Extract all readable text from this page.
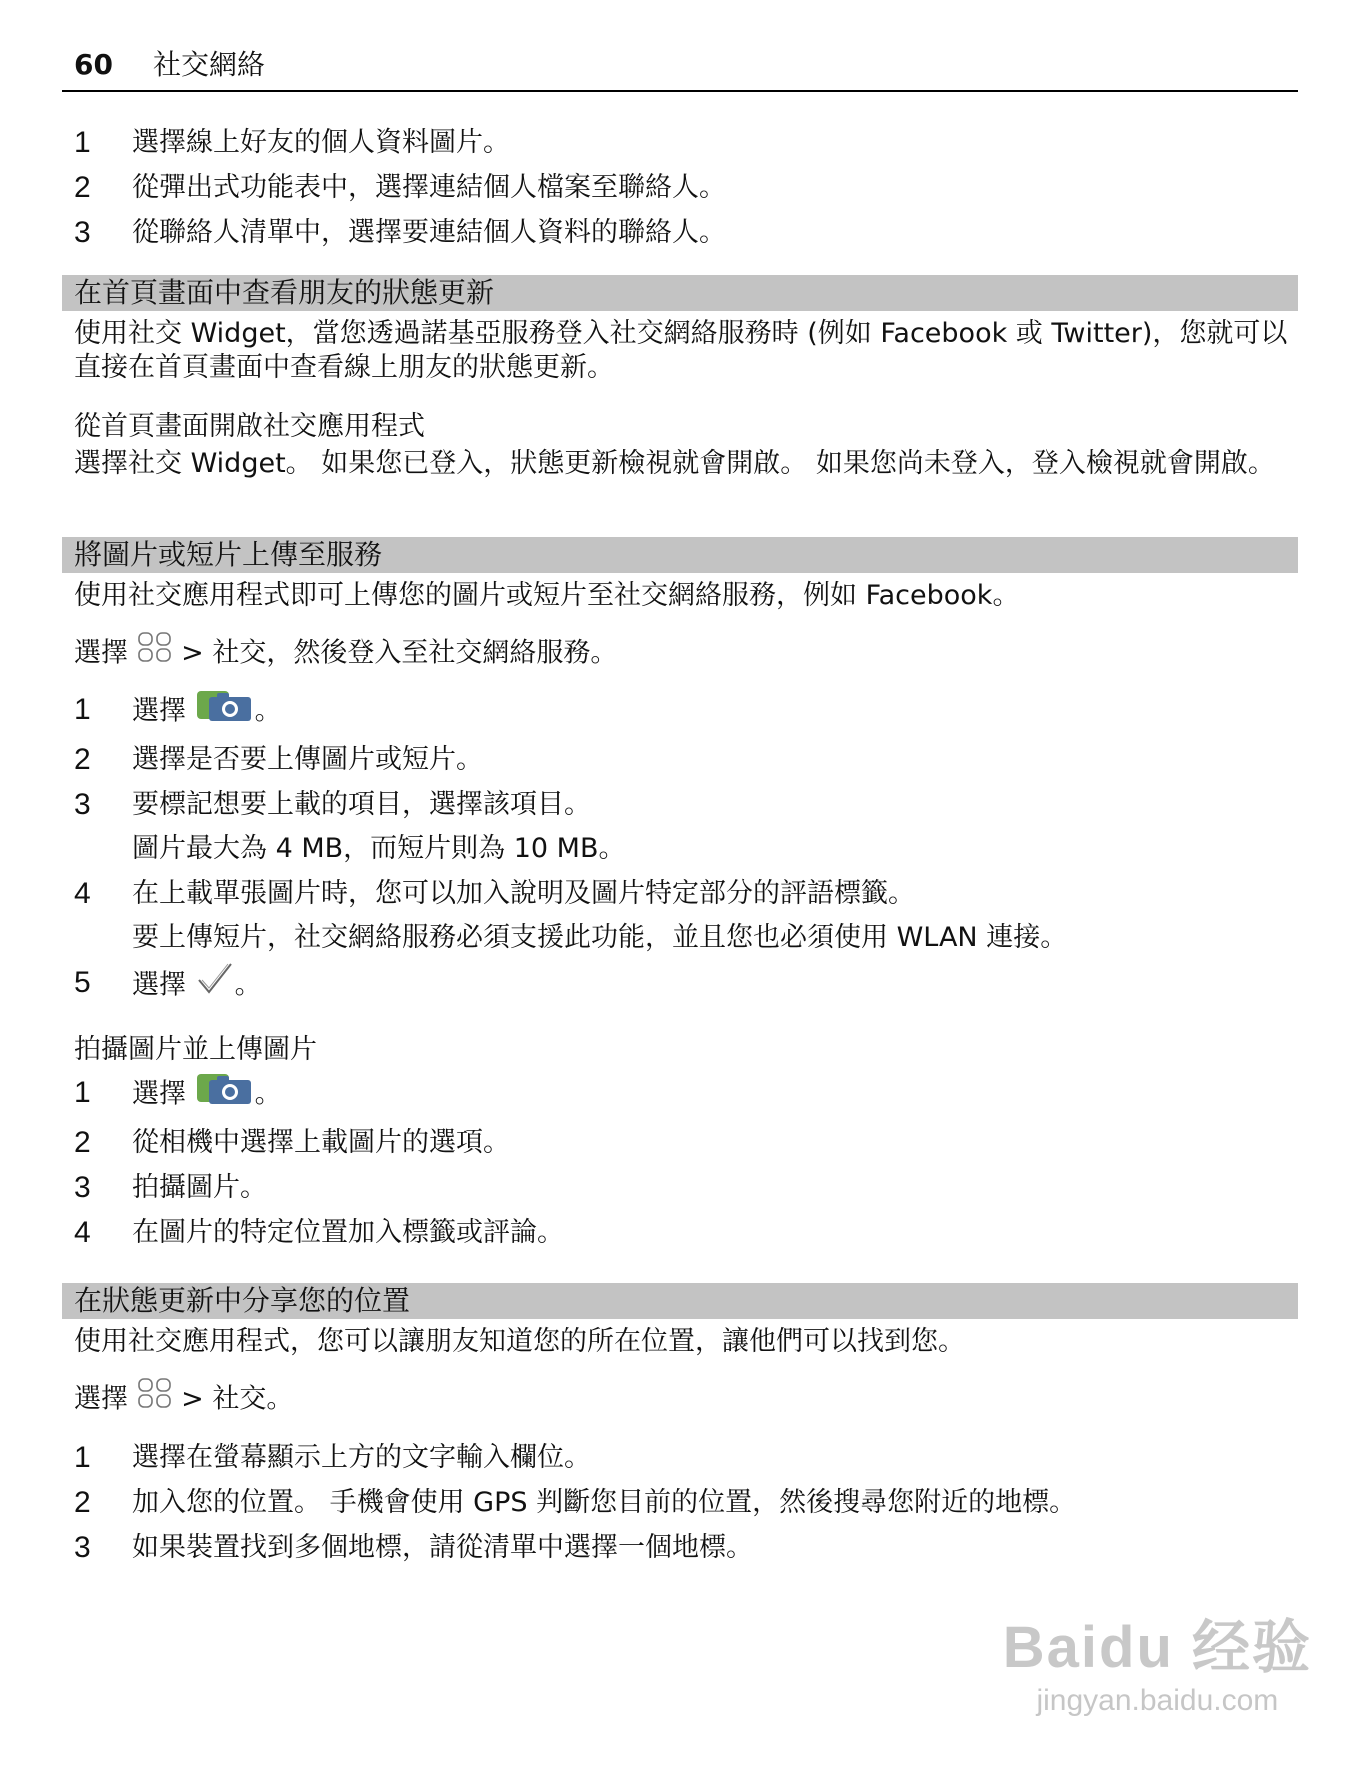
60 社交網絡
1 選擇線上好友的個人資料圖片。
2 從彈出式功能表中，選擇連結個人檔案至聯絡人。
3 從聯絡人清單中，選擇要連結個人資料的聯絡人。
在首頁畫面中查看朋友的狀態更新

使用社交 Widget，當您透過諾基亞服務登入社交網絡服務時 (例如 Facebook 或 Twitter)，您就可以直接在首頁畫面中查看線上朋友的狀態更新。

從首頁畫面開啟社交應用程式

選擇社交 Widget。 如果您已登入，狀態更新檢視就會開啟。 如果您尚未登入，登入檢視就會開啟。

將圖片或短片上傳至服務

使用社交應用程式即可上傳您的圖片或短片至社交網絡服務，例如 Facebook。

選擇  > 社交，然後登入至社交網絡服務。

1 選擇 。
2 選擇是否要上傳圖片或短片。
3 要標記想要上載的項目，選擇該項目。
圖片最大為 4 MB，而短片則為 10 MB。
4 在上載單張圖片時，您可以加入說明及圖片特定部分的評語標籤。
要上傳短片，社交網絡服務必須支援此功能，並且您也必須使用 WLAN 連接。
5 選擇 。
拍攝圖片並上傳圖片
1 選擇 。
2 從相機中選擇上載圖片的選項。
3 拍攝圖片。
4 在圖片的特定位置加入標籤或評論。
在狀態更新中分享您的位置

使用社交應用程式，您可以讓朋友知道您的所在位置，讓他們可以找到您。

選擇  > 社交。

1 選擇在螢幕顯示上方的文字輸入欄位。
2 加入您的位置。 手機會使用 GPS 判斷您目前的位置，然後搜尋您附近的地標。
3 如果裝置找到多個地標，請從清單中選擇一個地標。
Baidu 经验
jingyan.baidu.com
